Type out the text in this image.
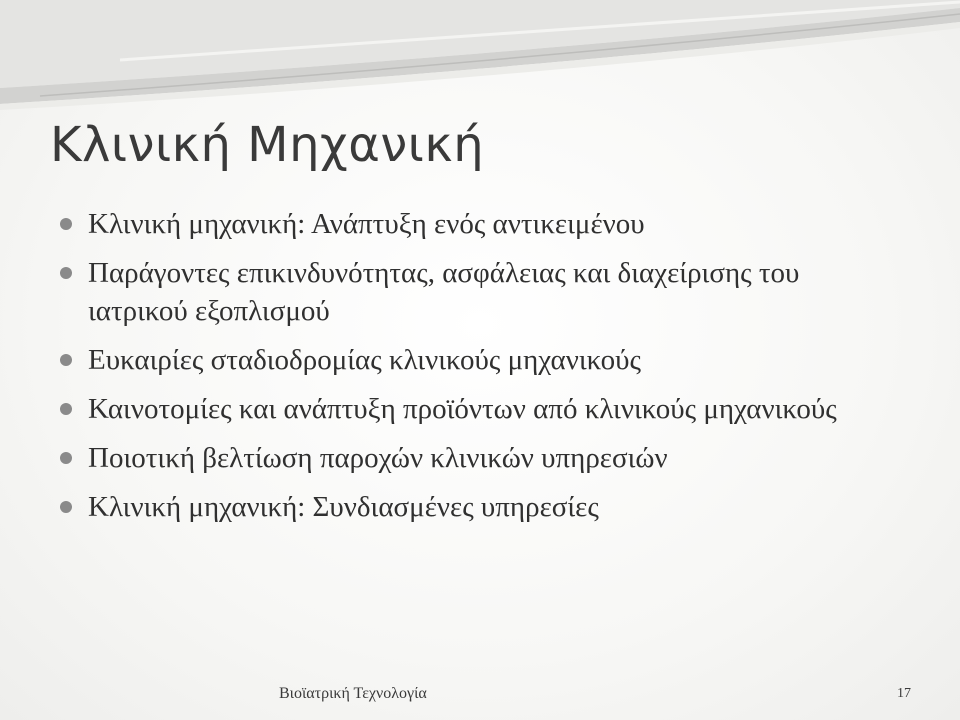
Κλινική Μηχανική
Κλινική μηχανική: Ανάπτυξη ενός αντικειμένου
Παράγοντες επικινδυνότητας, ασφάλειας και διαχείρισης του ιατρικού εξοπλισμού
Ευκαιρίες σταδιοδρομίας κλινικούς μηχανικούς
Καινοτομίες και ανάπτυξη προϊόντων από κλινικούς μηχανικούς
Ποιοτική βελτίωση παροχών κλινικών υπηρεσιών
Κλινική μηχανική: Συνδιασμένες υπηρεσίες
Βιοϊατρική Τεχνολογία	17
